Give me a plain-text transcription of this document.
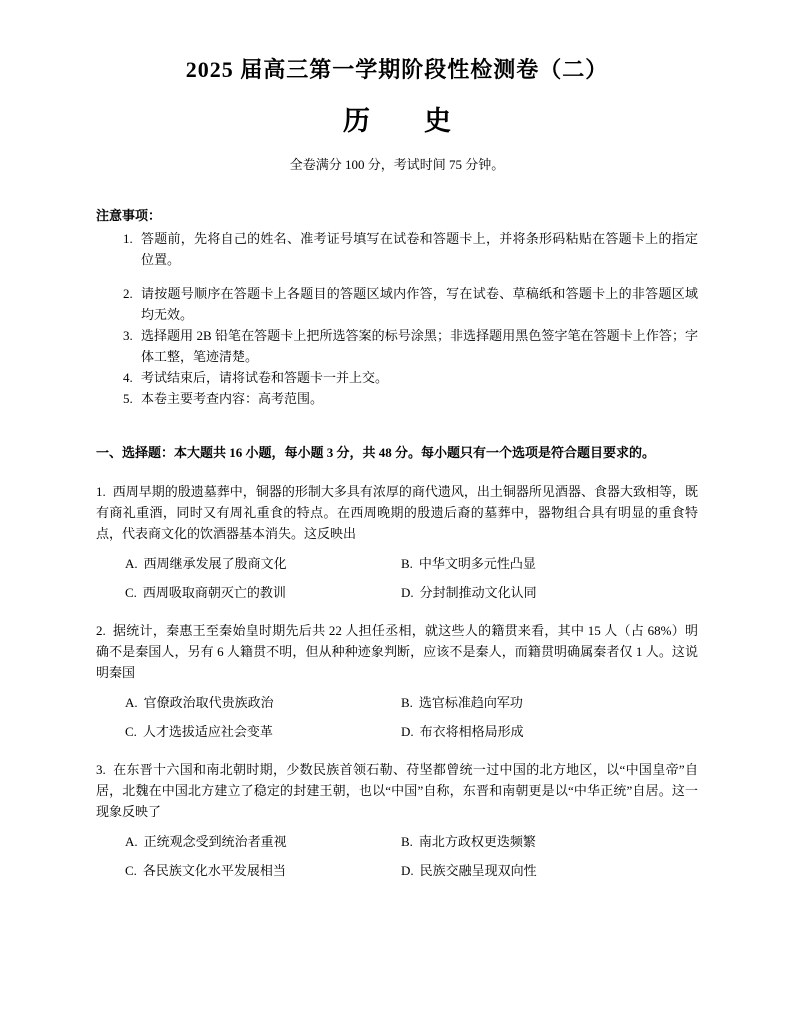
2025 届高三第一学期阶段性检测卷（二）
历　　史
全卷满分 100 分，考试时间 75 分钟。
注意事项：
1. 答题前，先将自己的姓名、准考证号填写在试卷和答题卡上，并将条形码粘贴在答题卡上的指定位置。
2. 请按题号顺序在答题卡上各题目的答题区域内作答，写在试卷、草稿纸和答题卡上的非答题区域均无效。
3. 选择题用 2B 铅笔在答题卡上把所选答案的标号涂黑；非选择题用黑色签字笔在答题卡上作答；字体工整，笔迹清楚。
4. 考试结束后，请将试卷和答题卡一并上交。
5. 本卷主要考查内容：高考范围。
一、选择题：本大题共 16 小题，每小题 3 分，共 48 分。每小题只有一个选项是符合题目要求的。

1. 西周早期的殷遗墓葬中，铜器的形制大多具有浓厚的商代遗风，出土铜器所见酒器、食器大致相等，既有商礼重酒，同时又有周礼重食的特点。在西周晚期的殷遗后裔的墓葬中，器物组合具有明显的重食特点，代表商文化的饮酒器基本消失。这反映出

A. 西周继承发展了殷商文化	B. 中华文明多元性凸显
C. 西周吸取商朝灭亡的教训	D. 分封制推动文化认同

2. 据统计，秦惠王至秦始皇时期先后共 22 人担任丞相，就这些人的籍贯来看，其中 15 人（占 68%）明确不是秦国人，另有 6 人籍贯不明，但从种种迹象判断，应该不是秦人，而籍贯明确属秦者仅 1 人。这说明秦国

A. 官僚政治取代贵族政治	B. 选官标准趋向军功
C. 人才选拔适应社会变革	D. 布衣将相格局形成

3. 在东晋十六国和南北朝时期，少数民族首领石勒、苻坚都曾统一过中国的北方地区，以“中国皇帝”自居，北魏在中国北方建立了稳定的封建王朝，也以“中国”自称，东晋和南朝更是以“中华正统”自居。这一现象反映了

A. 正统观念受到统治者重视	B. 南北方政权更迭频繁
C. 各民族文化水平发展相当	D. 民族交融呈现双向性
